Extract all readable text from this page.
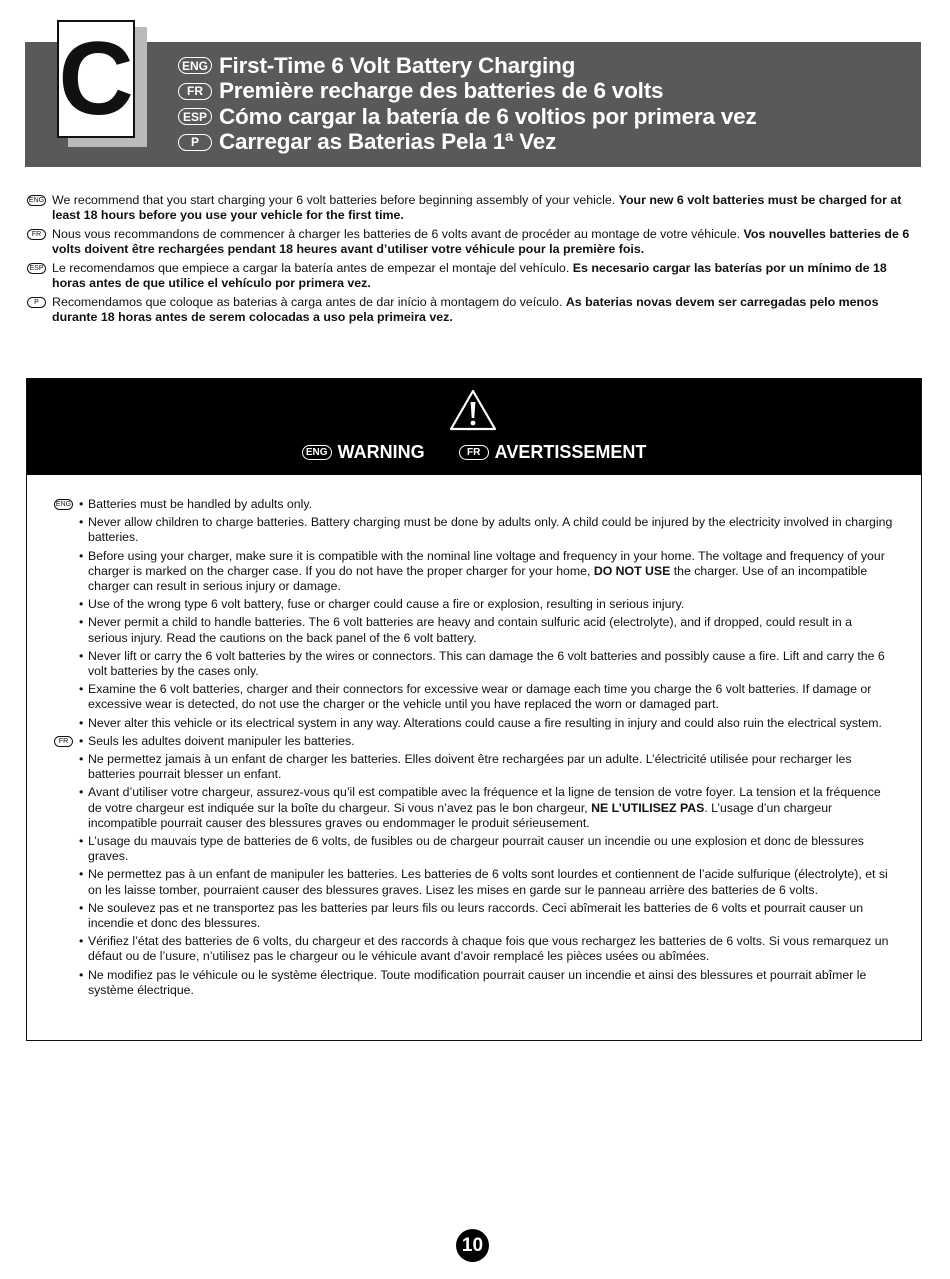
C	ENG First-Time 6 Volt Battery Charging
FR Première recharge des batteries de 6 volts
ESP Cómo cargar la batería de 6 voltios por primera vez
P Carregar as Baterias Pela 1ª Vez
ENG We recommend that you start charging your 6 volt batteries before beginning assembly of your vehicle. Your new 6 volt batteries must be charged for at least 18 hours before you use your vehicle for the first time.
FR Nous vous recommandons de commencer à charger les batteries de 6 volts avant de procéder au montage de votre véhicule. Vos nouvelles batteries de 6 volts doivent être rechargées pendant 18 heures avant d’utiliser votre véhicule pour la première fois.
ESP Le recomendamos que empiece a cargar la batería antes de empezar el montaje del vehículo. Es necesario cargar las baterías por un mínimo de 18 horas antes de que utilice el vehículo por primera vez.
P	Recomendamos que coloque as baterias à carga antes de dar início à montagem do veículo. As baterias novas devem ser carregadas pelo menos durante 18 horas antes de serem colocadas a uso pela primeira vez.
ENG WARNING	FR AVERTISSEMENT
ENG	• Batteries must be handled by adults only.
• Never allow children to charge batteries. Battery charging must be done by adults only. A child could be injured by the electricity involved in charging batteries.
• Before using your charger, make sure it is compatible with the nominal line voltage and frequency in your home. The voltage and frequency of your charger is marked on the charger case. If you do not have the proper charger for your home, DO NOT USE the charger. Use of an incompatible charger can result in serious injury or damage.
• Use of the wrong type 6 volt battery, fuse or charger could cause a fire or explosion, resulting in serious injury.
• Never permit a child to handle batteries. The 6 volt batteries are heavy and contain sulfuric acid (electrolyte), and if dropped, could result in a serious injury. Read the cautions on the back panel of the 6 volt battery.
• Never lift or carry the 6 volt batteries by the wires or connectors. This can damage the 6 volt batteries and possibly cause a fire. Lift and carry the 6 volt batteries by the cases only.
• Examine the 6 volt batteries, charger and their connectors for excessive wear or damage each time you charge the 6 volt batteries. If damage or excessive wear is detected, do not use the charger or the vehicle until you have replaced the worn or damaged part.
• Never alter this vehicle or its electrical system in any way. Alterations could cause a fire resulting in injury and could also ruin the electrical system.
FR	• Seuls les adultes doivent manipuler les batteries.
• Ne permettez jamais à un enfant de charger les batteries. Elles doivent être rechargées par un adulte. L’électricité utilisée pour recharger les batteries pourrait blesser un enfant.
• Avant d’utiliser votre chargeur, assurez-vous qu’il est compatible avec la fréquence et la ligne de tension de votre foyer. La tension et la fréquence de votre chargeur est indiquée sur la boîte du chargeur. Si vous n’avez pas le bon chargeur, NE L’UTILISEZ PAS. L’usage d’un chargeur incompatible pourrait causer des blessures graves ou endommager le produit sérieusement.
• L’usage du mauvais type de batteries de 6 volts, de fusibles ou de chargeur pourrait causer un incendie ou une explosion et donc de blessures graves.
• Ne permettez pas à un enfant de manipuler les batteries. Les batteries de 6 volts sont lourdes et contiennent de l’acide sulfurique (électrolyte), et si on les laisse tomber, pourraient causer des blessures graves. Lisez les mises en garde sur le panneau arrière des batteries de 6 volts.
• Ne soulevez pas et ne transportez pas les batteries par leurs fils ou leurs raccords. Ceci abîmerait les batteries de 6 volts et pourrait causer un incendie et donc des blessures.
• Vérifiez l’état des batteries de 6 volts, du chargeur et des raccords à chaque fois que vous rechargez les batteries de 6 volts. Si vous remarquez un défaut ou de l’usure, n’utilisez pas le chargeur ou le véhicule avant d’avoir remplacé les pièces usées ou abîmées.
• Ne modifiez pas le véhicule ou le système électrique. Toute modification pourrait causer un incendie et ainsi des blessures et pourrait abîmer le système électrique.
10
